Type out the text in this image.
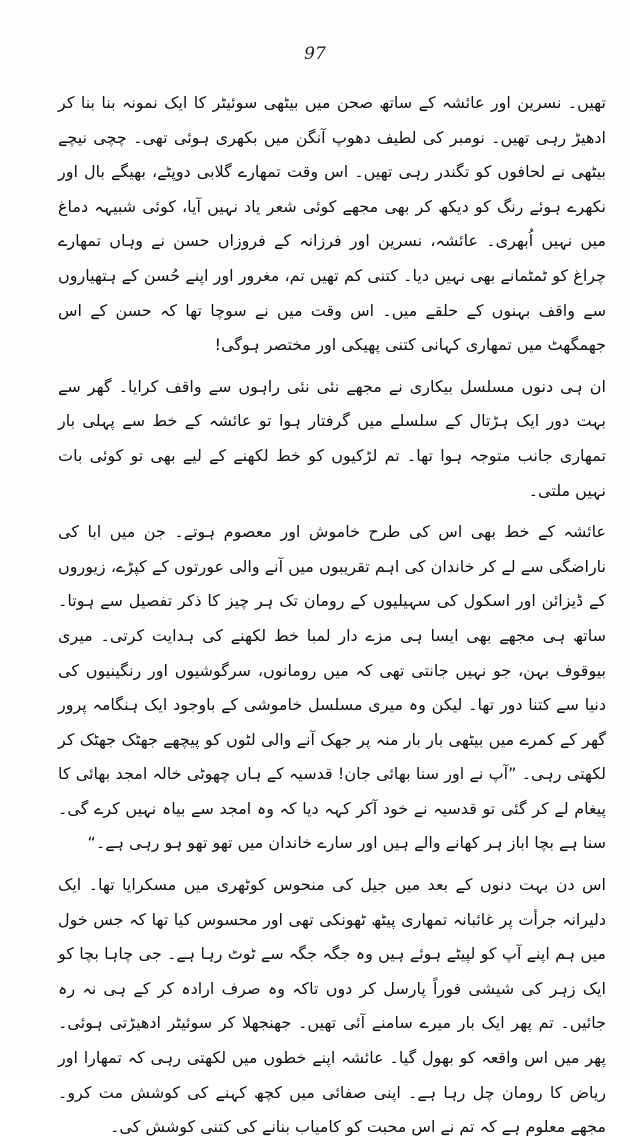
97

تھیں۔ نسرین اور عائشہ کے ساتھ صحن میں بیٹھی سوئیٹر کا ایک نمونہ بنا بنا کر ادھیڑ رہی تھیں۔ نومبر کی لطیف دھوپ آنگن میں بکھری ہوئی تھی۔ چچی نیچے بیٹھی نے لحافوں کو تگندر رہی تھیں۔ اس وقت تمھارے گلابی دوپٹے، بھیگے بال اور نکھرے ہوئے رنگ کو دیکھ کر بھی مجھے کوئی شعر یاد نہیں آیا، کوئی شبیہہ دماغ میں نہیں اُبھری۔ عائشہ، نسرین اور فرزانہ کے فروزاں حسن نے وہاں تمھارے چراغ کو ٹمٹمانے بھی نہیں دیا۔ کتنی کم تھیں تم، مغرور اور اپنے حُسن کے ہتھیاروں سے واقف بہنوں کے حلقے میں۔ اس وقت میں نے سوچا تھا کہ حسن کے اس جھمگھٹ میں تمھاری کہانی کتنی پھیکی اور مختصر ہوگی!

ان ہی دنوں مسلسل بیکاری نے مجھے نئی نئی راہوں سے واقف کرایا۔ گھر سے بہت دور ایک ہڑتال کے سلسلے میں گرفتار ہوا تو عائشہ کے خط سے پہلی بار تمھاری جانب متوجہ ہوا تھا۔ تم لڑکیوں کو خط لکھنے کے لیے بھی تو کوئی بات نہیں ملتی۔

عائشہ کے خط بھی اس کی طرح خاموش اور معصوم ہوتے۔ جن میں ابا کی ناراضگی سے لے کر خاندان کی اہم تقریبوں میں آنے والی عورتوں کے کپڑے، زیوروں کے ڈیزائن اور اسکول کی سہیلیوں کے رومان تک ہر چیز کا ذکر تفصیل سے ہوتا۔ ساتھ ہی مجھے بھی ایسا ہی مزے دار لمبا خط لکھنے کی ہدایت کرتی۔ میری بیوقوف بہن، جو نہیں جانتی تھی کہ میں رومانوں، سرگوشیوں اور رنگینیوں کی دنیا سے کتنا دور تھا۔ لیکن وہ میری مسلسل خاموشی کے باوجود ایک ہنگامہ پرور گھر کے کمرے میں بیٹھی بار بار منہ پر جھک آنے والی لٹوں کو پیچھے جھٹک جھٹک کر لکھتی رہی۔ ”آپ نے اور سنا بھائی جان! قدسیہ کے ہاں چھوٹی خالہ امجد بھائی کا پیغام لے کر گئی تو قدسیہ نے خود آکر کہہ دیا کہ وہ امجد سے بیاہ نہیں کرے گی۔ سنا ہے بچا اباز ہر کھانے والے ہیں اور سارے خاندان میں تھو تھو ہو رہی ہے۔“

اس دن بہت دنوں کے بعد میں جیل کی منحوس کوٹھری میں مسکرایا تھا۔ ایک دلیرانہ جرأت پر غائبانہ تمھاری پیٹھ ٹھونکی تھی اور محسوس کیا تھا کہ جس خول میں ہم اپنے آپ کو لپیٹے ہوئے ہیں وہ جگہ جگہ سے ٹوٹ رہا ہے۔ جی چاہا بچا کو ایک زہر کی شیشی فوراً پارسل کر دوں تاکہ وہ صرف ارادہ کر کے ہی نہ رہ جائیں۔ تم پھر ایک بار میرے سامنے آئی تھیں۔ جھنجھلا کر سوئیٹر ادھیڑتی ہوئی۔ پھر میں اس واقعہ کو بھول گیا۔ عائشہ اپنے خطوں میں لکھتی رہی کہ تمھارا اور ریاض کا رومان چل رہا ہے۔ اپنی صفائی میں کچھ کہنے کی کوشش مت کرو۔ مجھے معلوم ہے کہ تم نے اس محبت کو کامیاب بنانے کی کتنی کوشش کی۔
